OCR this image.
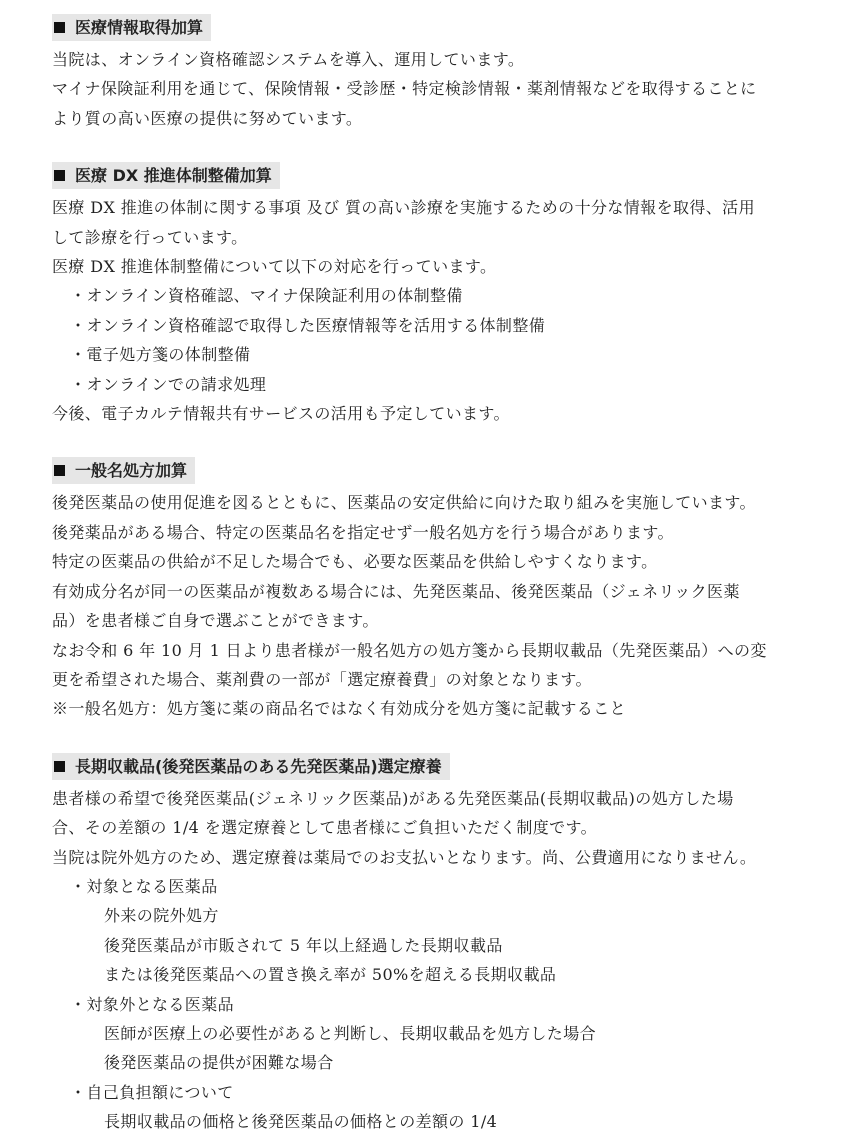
医療情報取得加算
当院は、オンライン資格確認システムを導入、運用しています。
マイナ保険証利用を通じて、保険情報・受診歴・特定検診情報・薬剤情報などを取得することに
より質の高い医療の提供に努めています。
医療 DX 推進体制整備加算
医療 DX 推進の体制に関する事項 及び 質の高い診療を実施するための十分な情報を取得、活用
して診療を行っています。
医療 DX 推進体制整備について以下の対応を行っています。
・オンライン資格確認、マイナ保険証利用の体制整備
・オンライン資格確認で取得した医療情報等を活用する体制整備
・電子処方箋の体制整備
・オンラインでの請求処理
今後、電子カルテ情報共有サービスの活用も予定しています。
一般名処方加算
後発医薬品の使用促進を図るとともに、医薬品の安定供給に向けた取り組みを実施しています。
後発薬品がある場合、特定の医薬品名を指定せず一般名処方を行う場合があります。
特定の医薬品の供給が不足した場合でも、必要な医薬品を供給しやすくなります。
有効成分名が同一の医薬品が複数ある場合には、先発医薬品、後発医薬品（ジェネリック医薬
品）を患者様ご自身で選ぶことができます。
なお令和 6 年 10 月 1 日より患者様が一般名処方の処方箋から長期収載品（先発医薬品）への変
更を希望された場合、薬剤費の一部が「選定療養費」の対象となります。
※一般名処方：処方箋に薬の商品名ではなく有効成分を処方箋に記載すること
長期収載品(後発医薬品のある先発医薬品)選定療養
患者様の希望で後発医薬品(ジェネリック医薬品)がある先発医薬品(長期収載品)の処方した場
合、その差額の 1/4 を選定療養として患者様にご負担いただく制度です。
当院は院外処方のため、選定療養は薬局でのお支払いとなります。尚、公費適用になりません。
・対象となる医薬品
外来の院外処方
後発医薬品が市販されて 5 年以上経過した長期収載品
または後発医薬品への置き換え率が 50%を超える長期収載品
・対象外となる医薬品
医師が医療上の必要性があると判断し、長期収載品を処方した場合
後発医薬品の提供が困難な場合
・自己負担額について
長期収載品の価格と後発医薬品の価格との差額の 1/4
